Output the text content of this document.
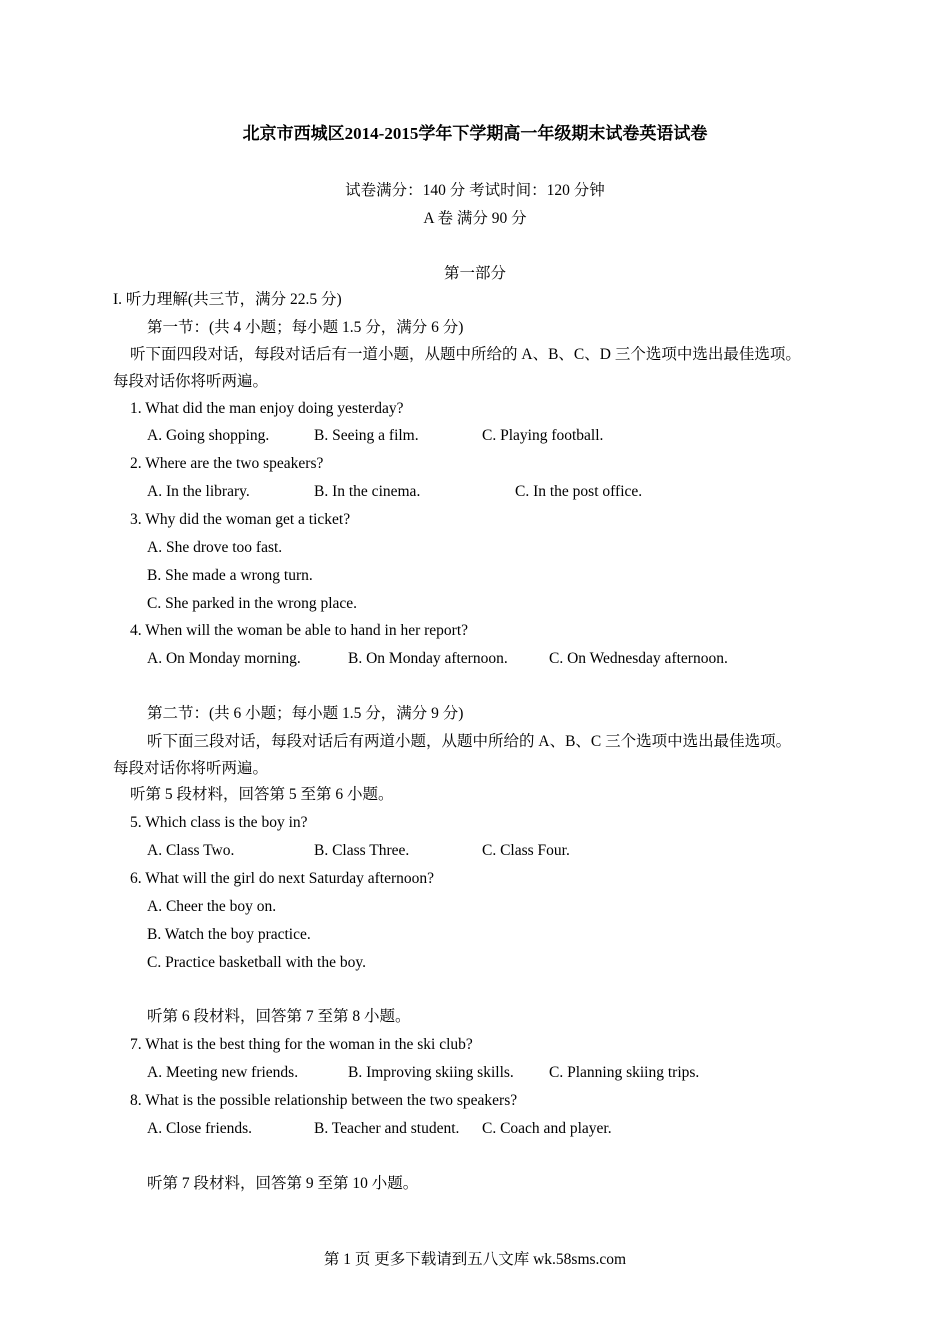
北京市西城区2014-2015学年下学期高一年级期末试卷英语试卷
试卷满分：140 分 考试时间：120 分钟
A 卷 满分 90 分
第一部分
I. 听力理解(共三节，满分 22.5 分)
第一节：(共 4 小题；每小题 1.5 分，满分 6 分)
听下面四段对话，每段对话后有一道小题，从题中所给的 A、B、C、D 三个选项中选出最佳选项。
每段对话你将听两遍。
1. What did the man enjoy doing yesterday?
A. Going shopping.	B. Seeing a film.	C. Playing football.
2. Where are the two speakers?
A. In the library.	B. In the cinema.	C. In the post office.
3. Why did the woman get a ticket?
A. She drove too fast.
B. She made a wrong turn.
C. She parked in the wrong place.
4. When will the woman be able to hand in her report?
A. On Monday morning.	B. On Monday afternoon.	C. On Wednesday afternoon.
第二节：(共 6 小题；每小题 1.5 分，满分 9 分)
听下面三段对话，每段对话后有两道小题，从题中所给的 A、B、C 三个选项中选出最佳选项。
每段对话你将听两遍。
听第 5 段材料，回答第 5 至第 6 小题。
5. Which class is the boy in?
A. Class Two.	B. Class Three.	C. Class Four.
6. What will the girl do next Saturday afternoon?
A. Cheer the boy on.
B. Watch the boy practice.
C. Practice basketball with the boy.
听第 6 段材料，回答第 7 至第 8 小题。
7. What is the best thing for the woman in the ski club?
A. Meeting new friends.	B. Improving skiing skills. C. Planning skiing trips.
8. What is the possible relationship between the two speakers?
A. Close friends.	B. Teacher and student. C. Coach and player.
听第 7 段材料，回答第 9 至第 10 小题。
第 1 页 更多下载请到五八文库 wk.58sms.com
